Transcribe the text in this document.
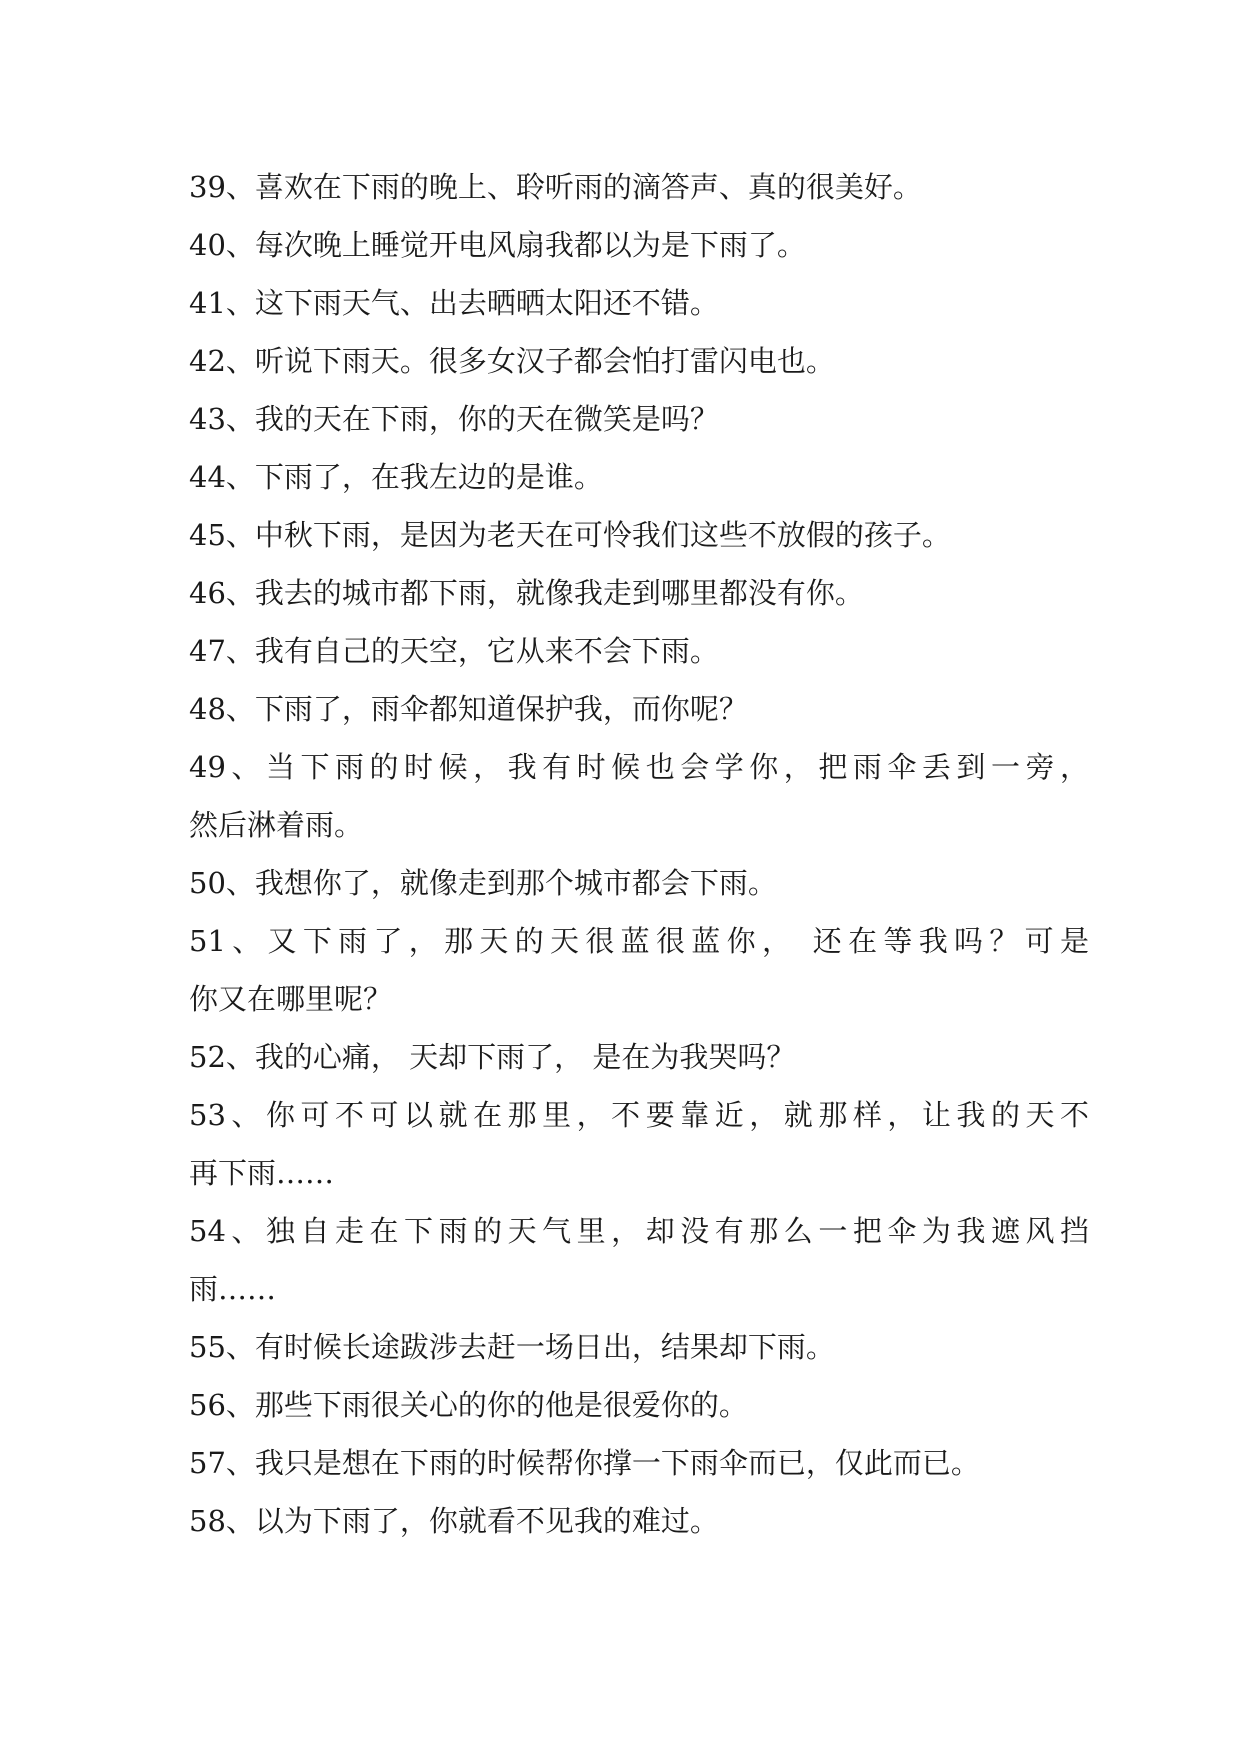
39、喜欢在下雨的晚上、聆听雨的滴答声、真的很美好。
40、每次晚上睡觉开电风扇我都以为是下雨了。
41、这下雨天气、出去晒晒太阳还不错。
42、听说下雨天。很多女汉子都会怕打雷闪电也。
43、我的天在下雨，你的天在微笑是吗？
44、下雨了，在我左边的是谁。
45、中秋下雨，是因为老天在可怜我们这些不放假的孩子。
46、我去的城市都下雨，就像我走到哪里都没有你。
47、我有自己的天空，它从来不会下雨。
48、下雨了，雨伞都知道保护我，而你呢？
49、当下雨的时候，我有时候也会学你，把雨伞丢到一旁，
然后淋着雨。
50、我想你了，就像走到那个城市都会下雨。
51、又下雨了，那天的天很蓝很蓝你， 还在等我吗？可是
你又在哪里呢？
52、我的心痛， 天却下雨了， 是在为我哭吗？
53、你可不可以就在那里，不要靠近，就那样，让我的天不
再下雨……
54、独自走在下雨的天气里，却没有那么一把伞为我遮风挡
雨……
55、有时候长途跋涉去赶一场日出，结果却下雨。
56、那些下雨很关心的你的他是很爱你的。
57、我只是想在下雨的时候帮你撑一下雨伞而已，仅此而已。
58、以为下雨了，你就看不见我的难过。
